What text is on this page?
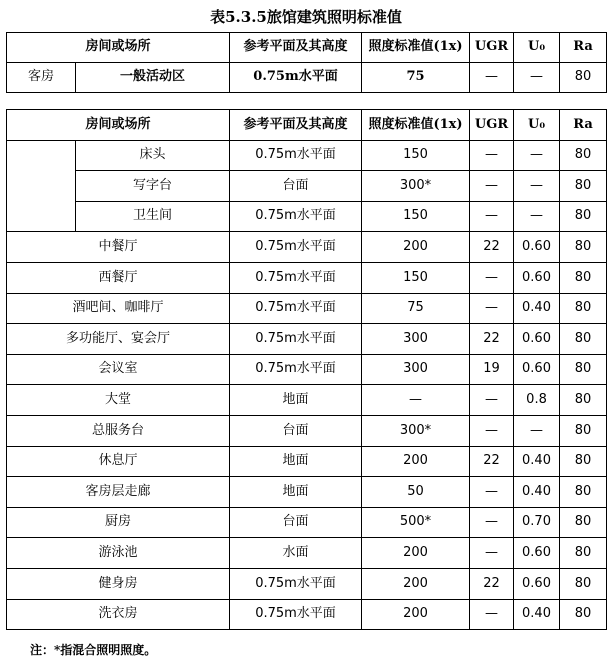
表5.3.5旅馆建筑照明标准值
房间或场所		参考平面及其高度	照度标准值(1x)	UGR	U₀	Ra
客房	一般活动区	0.75m水平面	75	—	—	80
房间或场所		参考平面及其高度	照度标准值(1x)	UGR	U₀	Ra
	床头	0.75m水平面	150	—	—	80
	写字台	台面	300*	—	—	80
	卫生间	0.75m水平面	150	—	—	80
中餐厅		0.75m水平面	200	22	0.60	80
西餐厅		0.75m水平面	150	—	0.60	80
酒吧间、咖啡厅		0.75m水平面	75	—	0.40	80
多功能厅、宴会厅		0.75m水平面	300	22	0.60	80
会议室		0.75m水平面	300	19	0.60	80
大堂		地面	—	—	0.8	80
总服务台		台面	300*	—	—	80
休息厅		地面	200	22	0.40	80
客房层走廊		地面	50	—	0.40	80
厨房		台面	500*	—	0.70	80
游泳池		水面	200	—	0.60	80
健身房		0.75m水平面	200	22	0.60	80
洗衣房		0.75m水平面	200	—	0.40	80
注：*指混合照明照度。
